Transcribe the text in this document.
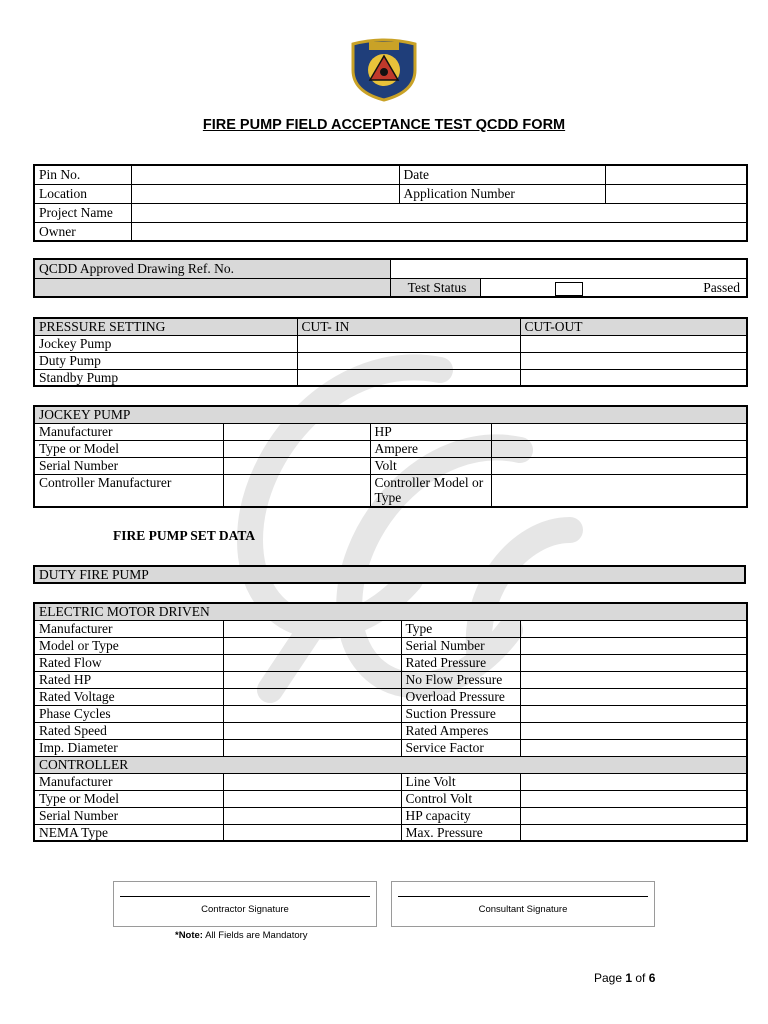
FIRE PUMP FIELD ACCEPTANCE TEST QCDD FORM
Pin No.		Date	
Location		Application Number	
Project Name			
Owner			
QCDD Approved Drawing Ref. No.		
	Test Status	Passed
PRESSURE SETTING	CUT- IN	CUT-OUT
Jockey Pump		
Duty Pump		
Standby Pump		
JOCKEY PUMP			
Manufacturer		HP	
Type or Model		Ampere	
Serial Number		Volt	
Controller Manufacturer		Controller Model or Type	
FIRE PUMP SET DATA
DUTY FIRE PUMP
ELECTRIC MOTOR DRIVEN			
Manufacturer		Type	
Model or Type		Serial Number	
Rated Flow		Rated Pressure	
Rated HP		No Flow Pressure	
Rated Voltage		Overload Pressure	
Phase Cycles		Suction Pressure	
Rated Speed		Rated Amperes	
Imp. Diameter		Service Factor	
CONTROLLER			
Manufacturer		Line Volt	
Type or Model		Control Volt	
Serial Number		HP capacity	
NEMA Type		Max. Pressure	
Contractor Signature	Consultant Signature
*Note: All Fields are Mandatory
Page 1 of 6
